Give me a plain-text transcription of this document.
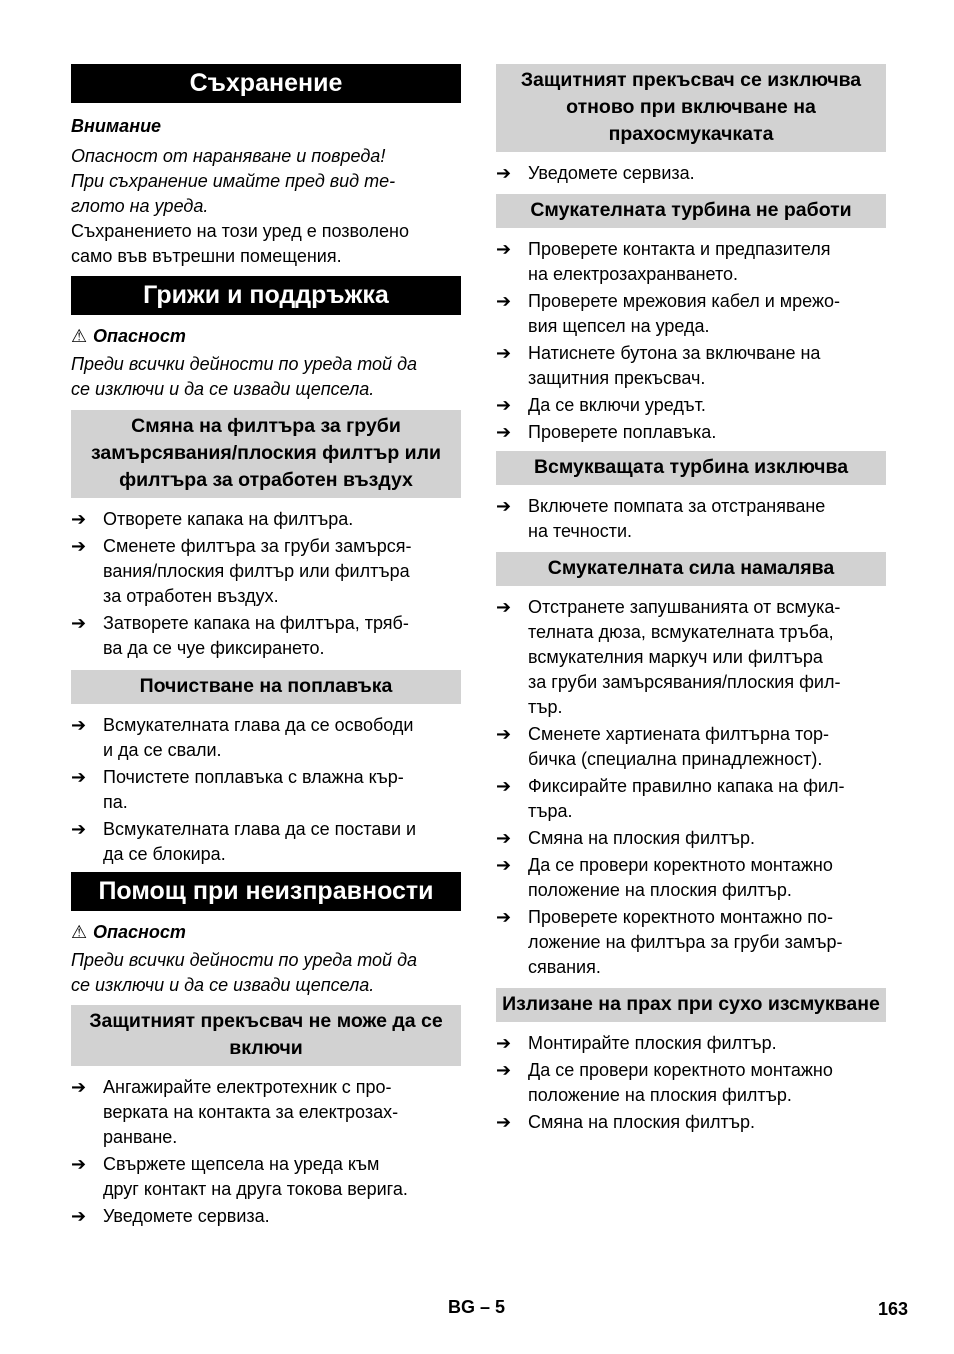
Съхранение

Внимание

Опасност от нараняване и повреда!

При съхранение имайте пред вид те-

глото на уреда.

Съхранението на този уред е позволено

само във вътрешни помещения.

Грижи и поддръжка

⚠ Опасност

Преди всички дейности по уреда той да

се изключи и да се извади щепсела.

Смяна на филтъра за груби замърсявания/плоския филтър или филтъра за отработен въздух
➔ Отворете капака на филтъра.
➔ Сменете филтъра за груби замърся-
вания/плоския филтър или филтъра
за отработен въздух.
➔ Затворете капака на филтъра, тряб-
ва да се чуе фиксирането.
Почистване на поплавъка
➔ Всмукателната глава да се освободи
и да се свали.
➔ Почистете поплавъка с влажна кър-
па.
➔ Всмукателната глава да се постави и
да се блокира.
Помощ при неизправности

⚠ Опасност

Преди всички дейности по уреда той да

се изключи и да се извади щепсела.

Защитният прекъсвач не може да се включи
➔ Ангажирайте електротехник с про-
верката на контакта за електрозах-
ранване.
➔ Свържете щепсела на уреда към
друг контакт на друга токова верига.
➔ Уведомете сервиза.
Защитният прекъсвач се изключва отново при включване на прахосмукачката
➔ Уведомете сервиза.
Смукателната турбина не работи
➔ Проверете контакта и предпазителя
на електрозахранването.
➔ Проверете мрежовия кабел и мрежо-
вия щепсел на уреда.
➔ Натиснете бутона за включване на
защитния прекъсвач.
➔ Да се включи уредът.
➔ Проверете поплавъка.
Всмукващата турбина изключва
➔ Включете помпата за отстраняване
на течности.
Смукателната сила намалява
➔ Отстранете запушванията от всмука-
телната дюза, всмукателната тръба,
всмукателния маркуч или филтъра
за груби замърсявания/плоския фил-
тър.
➔ Сменете хартиената филтърна тор-
бичка (специална принадлежност).
➔ Фиксирайте правилно капака на фил-
търа.
➔ Смяна на плоския филтър.
➔ Да се провери коректното монтажно
положение на плоския филтър.
➔ Проверете коректното монтажно по-
ложение на филтъра за груби замър-
сявания.
Излизане на прах при сухо изсмукване
➔ Монтирайте плоския филтър.
➔ Да се провери коректното монтажно
положение на плоския филтър.
➔ Смяна на плоския филтър.
BG – 5	163
